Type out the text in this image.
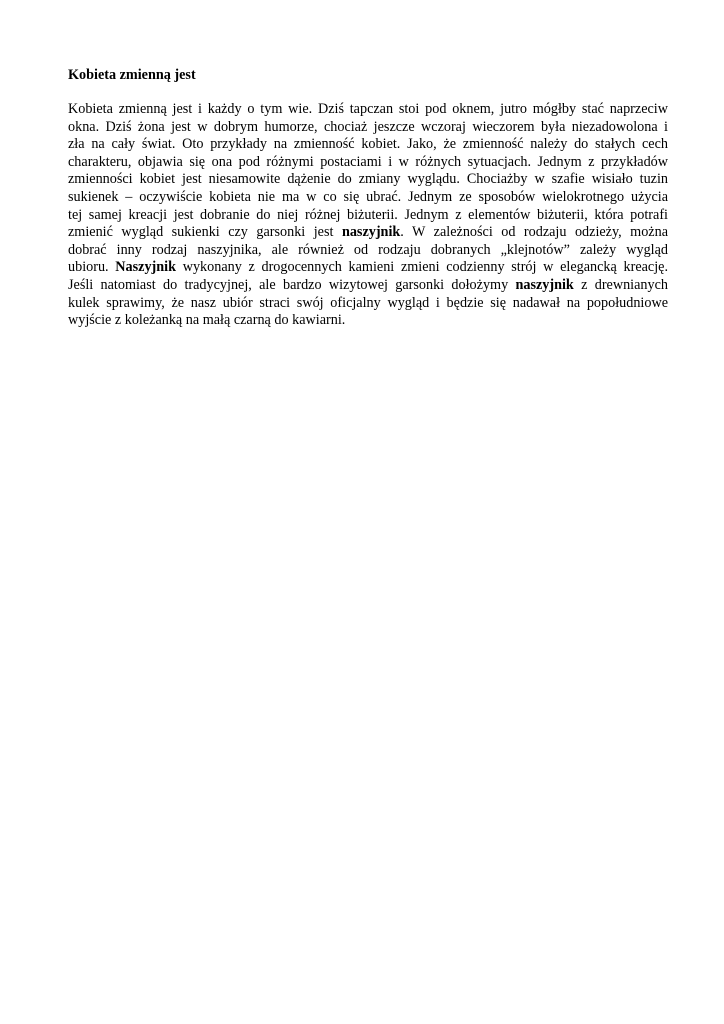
Kobieta zmienną jest
Kobieta zmienną jest i każdy o tym wie. Dziś tapczan stoi pod oknem, jutro mógłby stać naprzeciw
okna. Dziś żona jest w dobrym humorze, chociaż jeszcze wczoraj wieczorem była niezadowolona i
zła na cały świat. Oto przykłady na zmienność kobiet. Jako, że zmienność należy do stałych cech
charakteru, objawia się ona pod różnymi postaciami i w różnych sytuacjach. Jednym z przykładów
zmienności kobiet jest niesamowite dążenie do zmiany wyglądu. Chociażby w szafie wisiało tuzin
sukienek – oczywiście kobieta nie ma w co się ubrać. Jednym ze sposobów wielokrotnego użycia
tej samej kreacji jest dobranie do niej różnej biżuterii. Jednym z elementów biżuterii, która potrafi
zmienić wygląd sukienki czy garsonki jest naszyjnik. W zależności od rodzaju odzieży, można
dobrać inny rodzaj naszyjnika, ale również od rodzaju dobranych „klejnotów” zależy wygląd
ubioru. Naszyjnik wykonany z drogocennych kamieni zmieni codzienny strój w elegancką kreację.
Jeśli natomiast do tradycyjnej, ale bardzo wizytowej garsonki dołożymy naszyjnik z drewnianych
kulek sprawimy, że nasz ubiór straci swój oficjalny wygląd i będzie się nadawał na popołudniowe
wyjście z koleżanką na małą czarną do kawiarni.
